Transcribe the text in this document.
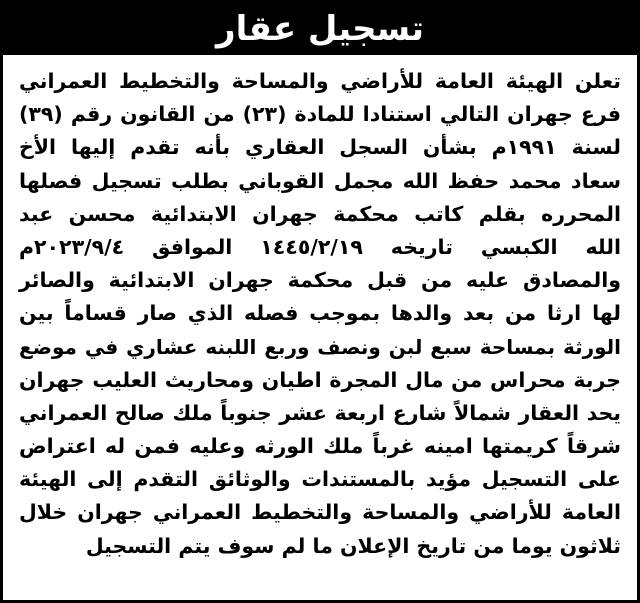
تسجيل عقار
تعلن الهيئة العامة للأراضي والمساحة والتخطيط العمراني
فرع جهران التالي استنادا للمادة (٢٣) من القانون رقم (٣٩)
لسنة ١٩٩١م بشأن السجل العقاري بأنه تقدم إليها الأخ
سعاد محمد حفظ الله مجمل القوباني بطلب تسجيل فصلها
المحرره بقلم كاتب محكمة جهران الابتدائية محسن عبد
الله الكبسي تاريخه ١٤٤٥/٢/١٩ الموافق ٢٠٢٣/٩/٤م
والمصادق عليه من قبل محكمة جهران الابتدائية والصائر
لها ارثا من بعد والدها بموجب فصله الذي صار قساماً بين
الورثة بمساحة سبع لبن ونصف وربع اللبنه عشاري في موضع
جربة محراس من مال المجرة اطيان ومحاريث العليب جهران
يحد العقار شمالاً شارع اربعة عشر جنوباً ملك صالح العمراني
شرقاً كريمتها امينه غرباً ملك الورثه وعليه فمن له اعتراض
على التسجيل مؤيد بالمستندات والوثائق التقدم إلى الهيئة
العامة للأراضي والمساحة والتخطيط العمراني جهران خلال
ثلاثون يوما من تاريخ الإعلان ما لم سوف يتم التسجيل
